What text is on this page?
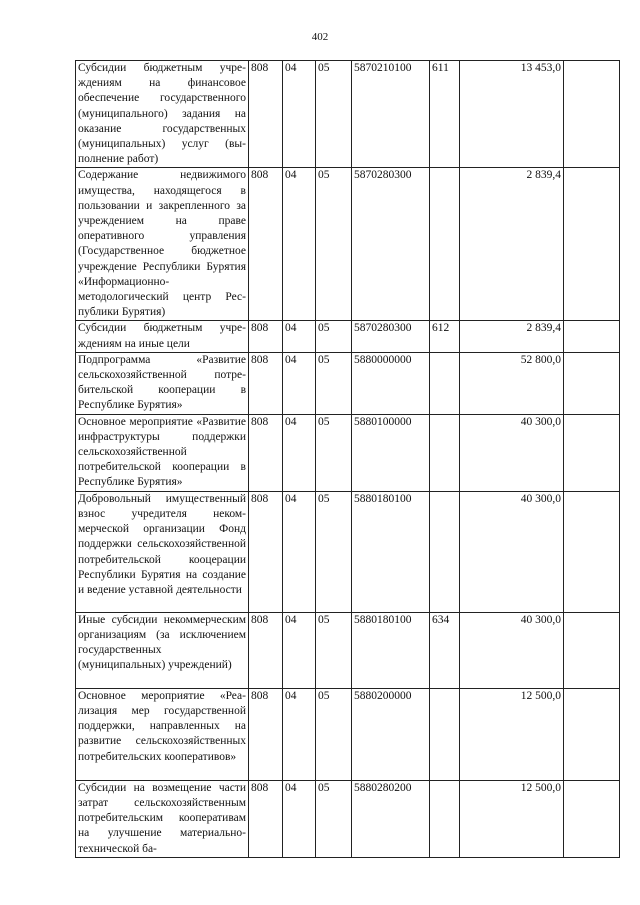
402
Субсидии бюджетным учреждениям на финансовое обеспечение государственного (муниципального) задания на оказание государственных (муниципальных) услуг (выполнение работ)	808	04	05	5870210100	611	13 453,0	
Содержание недвижимого имущества, находящегося в пользовании и закрепленного за учреждением на праве оперативного управления (Государственное бюджетное учреждение Республики Бурятия «Информационно-методологический центр Республики Бурятия)	808	04	05	5870280300		2 839,4	
Субсидии бюджетным учреждениям на иные цели	808	04	05	5870280300	612	2 839,4	
Подпрограмма «Развитие сельскохозяйственной потребительской кооперации в Республике Бурятия»	808	04	05	5880000000		52 800,0	
Основное мероприятие «Развитие инфраструктуры поддержки сельскохозяйственной потребительской кооперации в Республике Бурятия»	808	04	05	5880100000		40 300,0	
Добровольный имущественный взнос учредителя некоммерческой организации Фонд поддержки сельскохозяйственной потребительской кооцерации Республики Бурятия на создание и ведение уставной деятельности	808	04	05	5880180100		40 300,0	
Иные субсидии некоммерческим организациям (за исключением государственных (муниципальных) учреждений)	808	04	05	5880180100	634	40 300,0	
Основное мероприятие «Реализация мер государственной поддержки, направленных на развитие сельскохозяйственных потребительских кооперативов»	808	04	05	5880200000		12 500,0	
Субсидии на возмещение части затрат сельскохозяйственным потребительским кооперативам на улучшение материально-технической ба-	808	04	05	5880280200		12 500,0	
